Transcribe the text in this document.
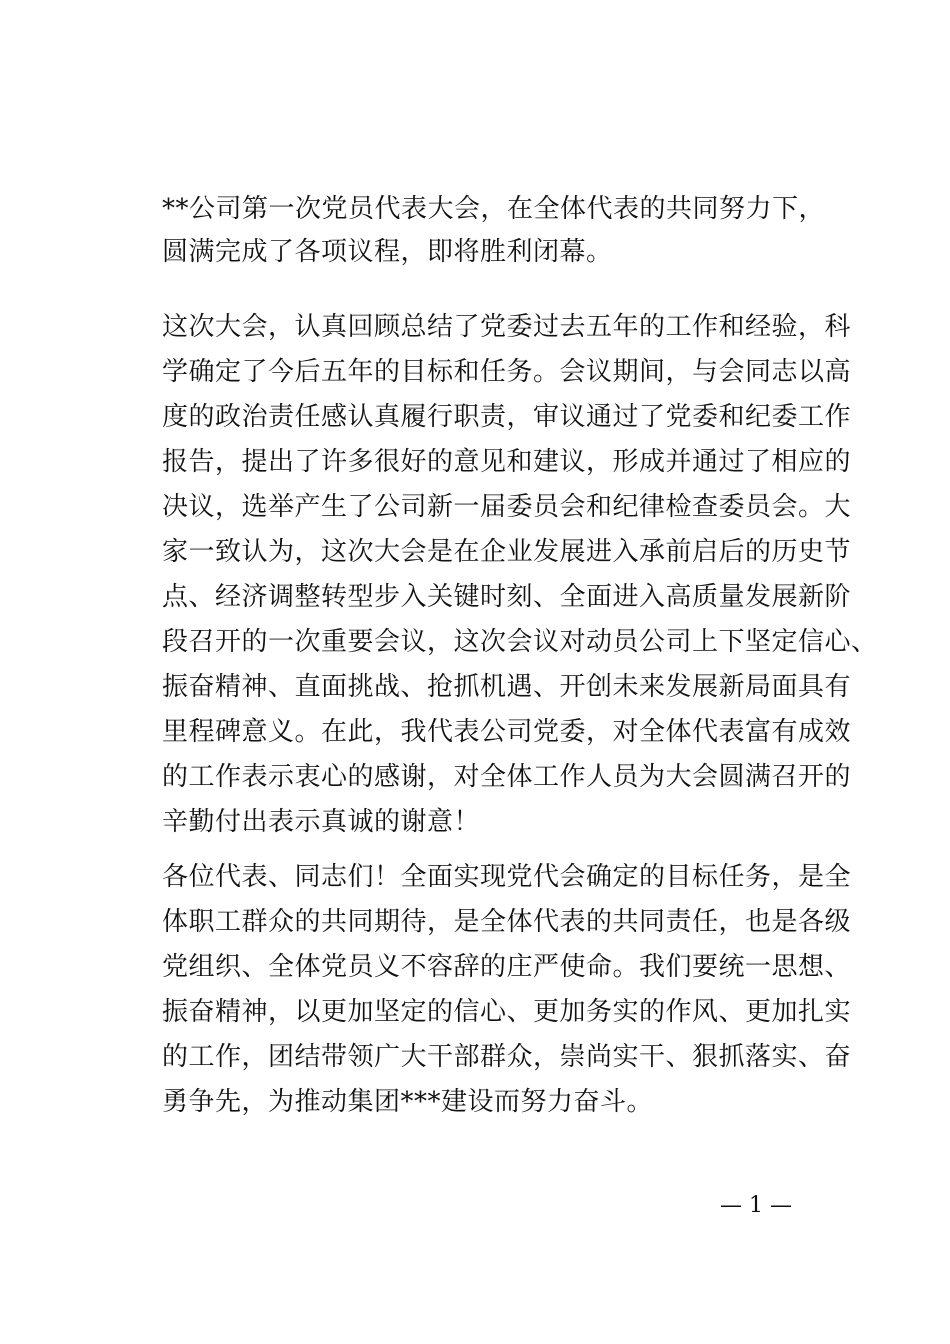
**公司第一次党员代表大会，在全体代表的共同努力下，
圆满完成了各项议程，即将胜利闭幕。
这次大会，认真回顾总结了党委过去五年的工作和经验，科
学确定了今后五年的目标和任务。会议期间，与会同志以高
度的政治责任感认真履行职责，审议通过了党委和纪委工作
报告，提出了许多很好的意见和建议，形成并通过了相应的
决议，选举产生了公司新一届委员会和纪律检查委员会。大
家一致认为，这次大会是在企业发展进入承前启后的历史节
点、经济调整转型步入关键时刻、全面进入高质量发展新阶
段召开的一次重要会议，这次会议对动员公司上下坚定信心、
振奋精神、直面挑战、抢抓机遇、开创未来发展新局面具有
里程碑意义。在此，我代表公司党委，对全体代表富有成效
的工作表示衷心的感谢，对全体工作人员为大会圆满召开的
辛勤付出表示真诚的谢意！
各位代表、同志们！全面实现党代会确定的目标任务，是全
体职工群众的共同期待，是全体代表的共同责任，也是各级
党组织、全体党员义不容辞的庄严使命。我们要统一思想、
振奋精神，以更加坚定的信心、更加务实的作风、更加扎实
的工作，团结带领广大干部群众，崇尚实干、狠抓落实、奋
勇争先，为推动集团***建设而努力奋斗。
— 1 —
